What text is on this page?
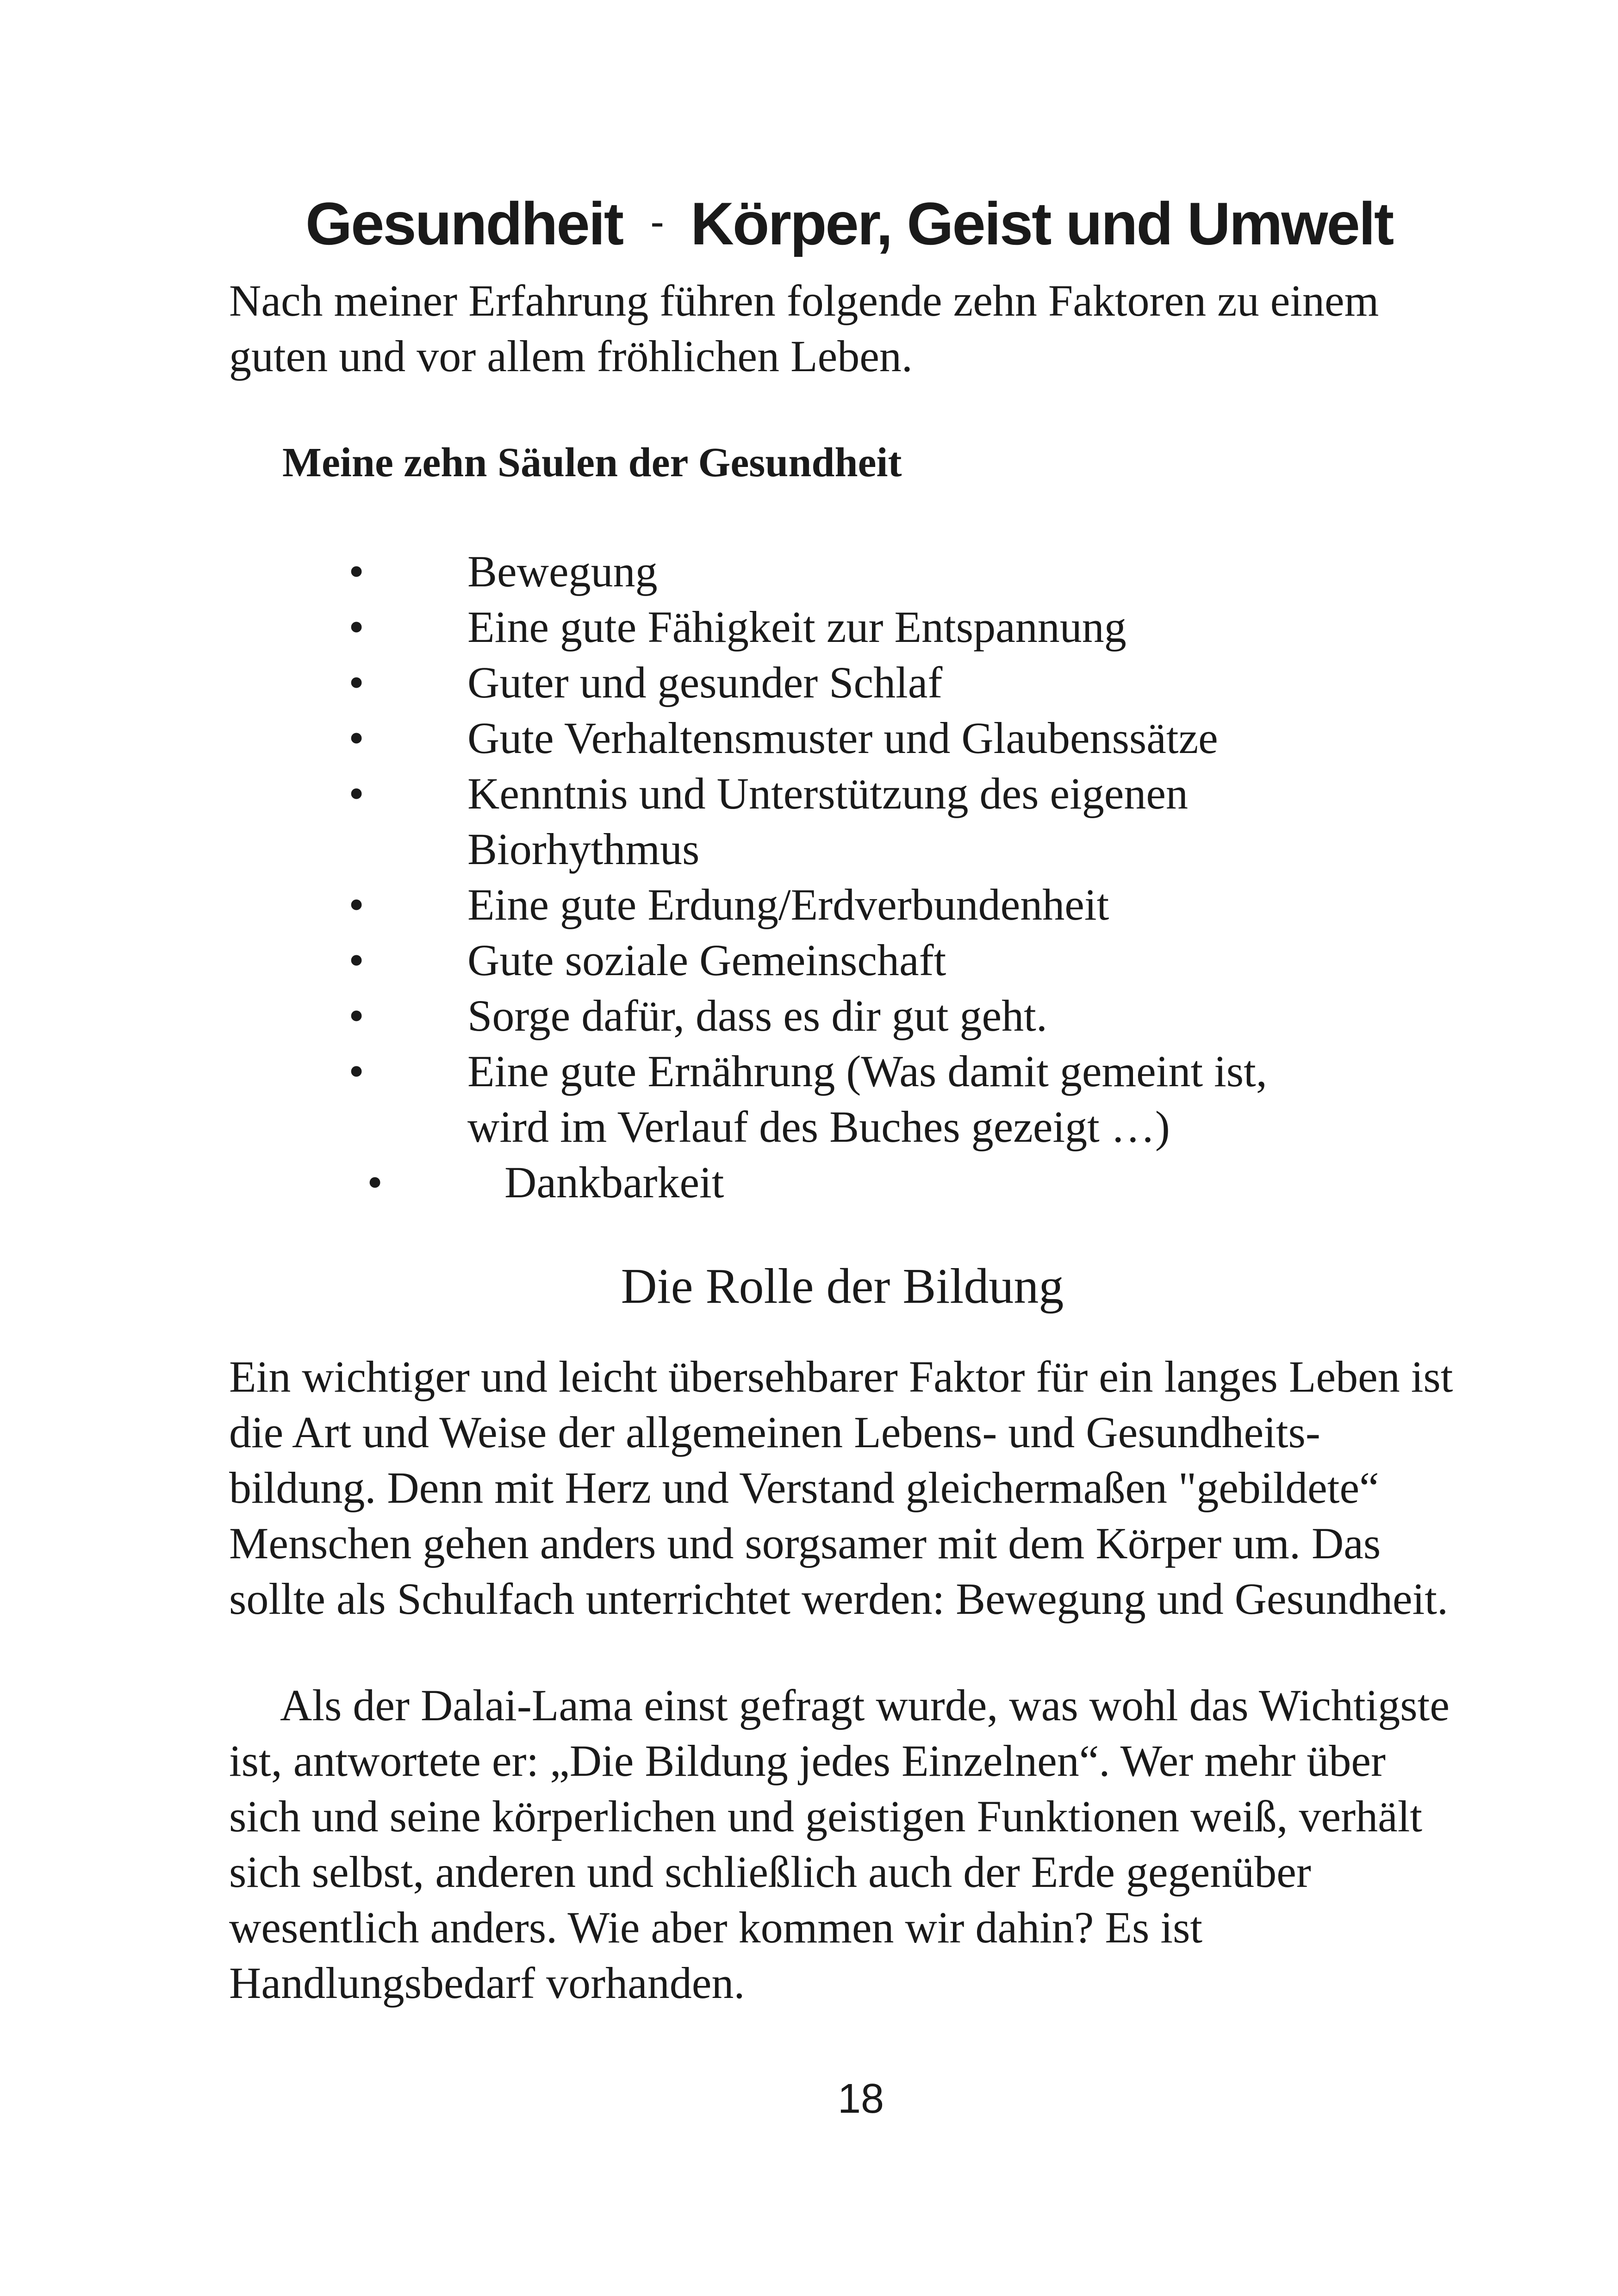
Gesundheit - Körper, Geist und Umwelt
Nach meiner Erfahrung führen folgende zehn Faktoren zu einem
guten und vor allem fröhlichen Leben.
Meine zehn Säulen der Gesundheit
• Bewegung
• Eine gute Fähigkeit zur Entspannung
• Guter und gesunder Schlaf
• Gute Verhaltensmuster und Glaubenssätze
• Kenntnis und Unterstützung des eigenen
Biorhythmus
• Eine gute Erdung/Erdverbundenheit
• Gute soziale Gemeinschaft
• Sorge dafür, dass es dir gut geht.
• Eine gute Ernährung (Was damit gemeint ist,
wird im Verlauf des Buches gezeigt …)
•	Dankbarkeit
Die Rolle der Bildung
Ein wichtiger und leicht übersehbarer Faktor für ein langes Leben ist
die Art und Weise der allgemeinen Lebens- und Gesundheits-
bildung. Denn mit Herz und Verstand gleichermaßen "gebildete“
Menschen gehen anders und sorgsamer mit dem Körper um. Das
sollte als Schulfach unterrichtet werden: Bewegung und Gesundheit.
Als der Dalai-Lama einst gefragt wurde, was wohl das Wichtigste
ist, antwortete er: „Die Bildung jedes Einzelnen“. Wer mehr über
sich und seine körperlichen und geistigen Funktionen weiß, verhält
sich selbst, anderen und schließlich auch der Erde gegenüber
wesentlich anders. Wie aber kommen wir dahin? Es ist
Handlungsbedarf vorhanden.
18
